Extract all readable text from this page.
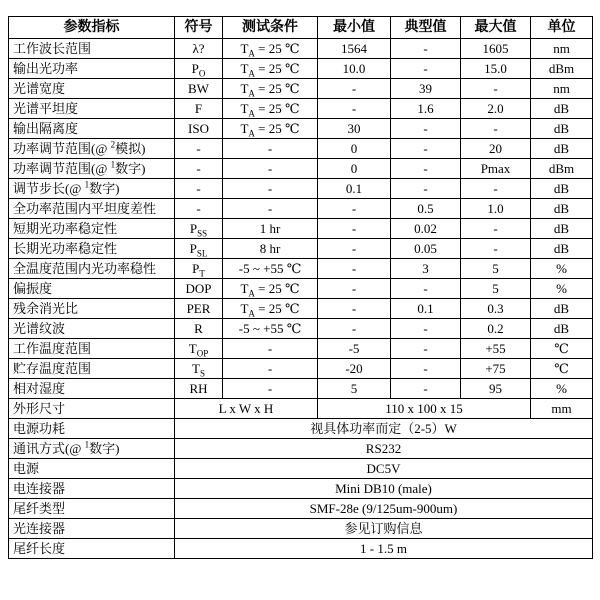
参数指标	符号	测试条件	最小值	典型值	最大值	单位
工作波长范围	λ?	$T_A = 25$ ℃	1564	-	1605	nm
输出光功率	$P_O$	$T_A = 25$ ℃	10.0	-	15.0	dBm
光谱宽度	BW	$T_A = 25$ ℃	-	39	-	nm
光谱平坦度	F	$T_A = 25$ ℃	-	1.6	2.0	dB
输出隔离度	ISO	$T_A = 25$ ℃	30	-	-	dB
功率调节范围(@ $^2$模拟)	-	-	0	-	20	dB
功率调节范围(@ $^1$数字)	-	-	0	-	Pmax	dBm
调节步长(@ $^1$数字)	-	-	0.1	-	-	dB
全功率范围内平坦度差性	-	-	-	0.5	1.0	dB
短期光功率稳定性	$P_{SS}$	1 hr	-	0.02	-	dB
长期光功率稳定性	$P_{SL}$	8 hr	-	0.05	-	dB
全温度范围内光功率稳性	$P_T$	-5 ~ +55 ℃	-	3	5	%
偏振度	DOP	$T_A = 25$ ℃	-	-	5	%
残余消光比	PER	$T_A = 25$ ℃	-	0.1	0.3	dB
光谱纹波	R	-5 ~ +55 ℃	-	-	0.2	dB
工作温度范围	$T_{OP}$	-	-5	-	+55	℃
贮存温度范围	$T_S$	-	-20	-	+75	℃
相对湿度	RH	-	5	-	95	%
外形尺寸	L x W x H		110 x 100 x 15			mm
电源功耗	视具体功率而定（2-5）W					
通讯方式(@ $^1$数字)	RS232					
电源	DC5V					
电连接器	Mini DB10 (male)					
尾纤类型	SMF-28e (9/125um-900um)					
光连接器	参见订购信息					
尾纤长度	1 - 1.5 m					
